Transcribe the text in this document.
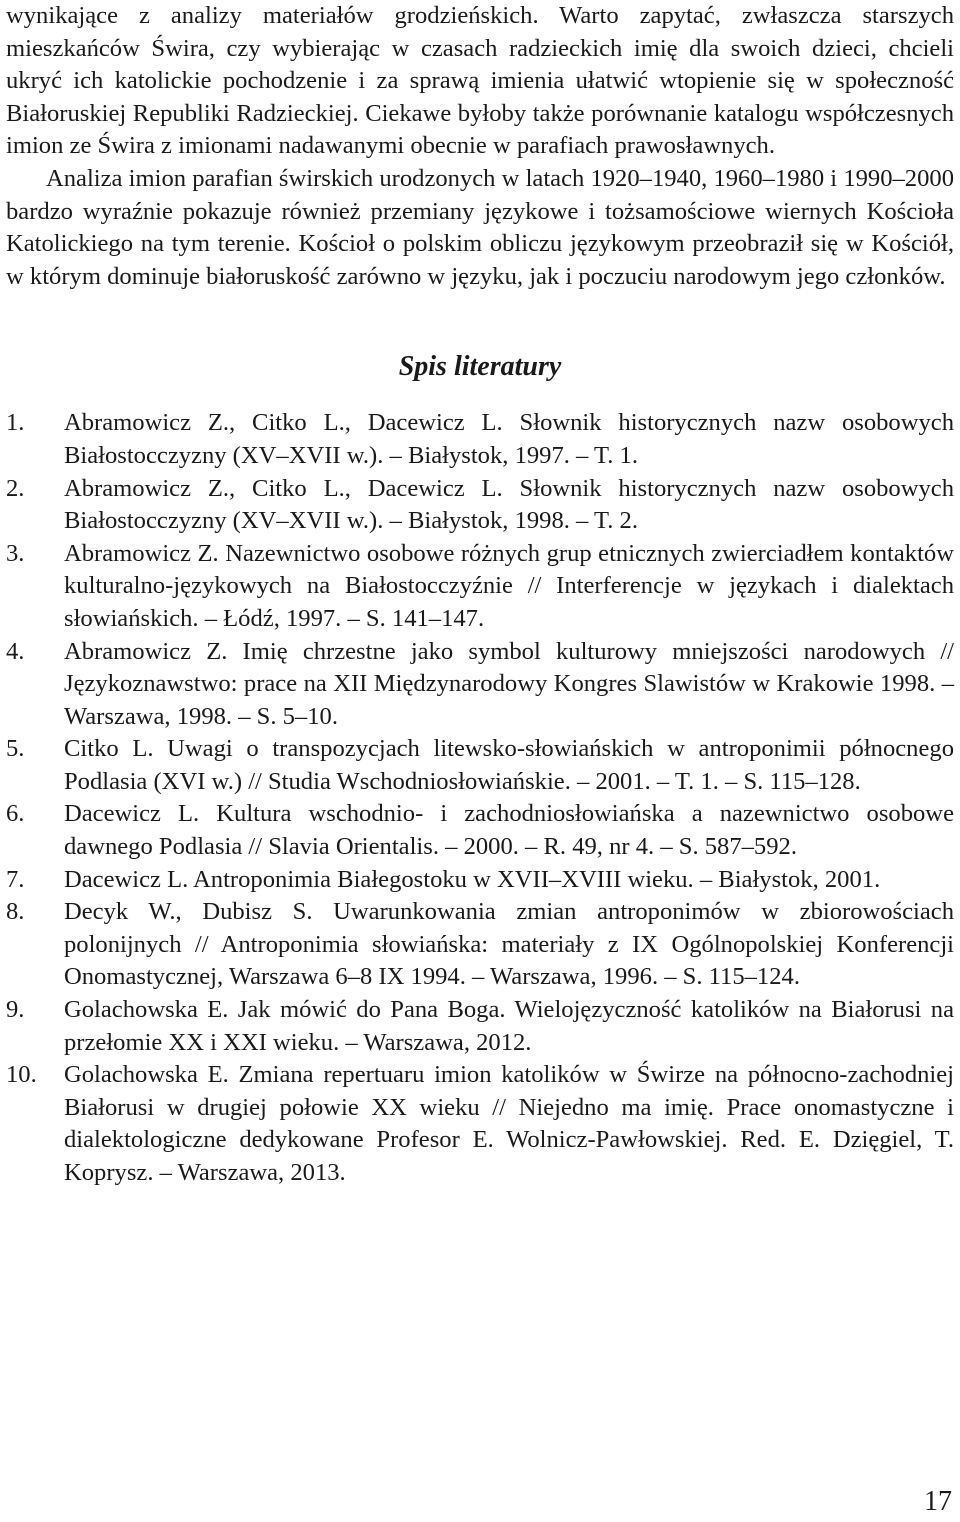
wynikające z analizy materiałów grodzieńskich. Warto zapytać, zwłaszcza starszych mieszkańców Świra, czy wybierając w czasach radzieckich imię dla swoich dzieci, chcieli ukryć ich katolickie pochodzenie i za sprawą imienia ułatwić wtopienie się w społeczność Białoruskiej Republiki Radzieckiej. Ciekawe byłoby także porównanie katalogu współczesnych imion ze Świra z imionami nadawanymi obecnie w parafiach prawosławnych.

Analiza imion parafian świrskich urodzonych w latach 1920–1940, 1960–1980 i 1990–2000 bardzo wyraźnie pokazuje również przemiany językowe i tożsamościowe wiernych Kościoła Katolickiego na tym terenie. Kościoł o polskim obliczu językowym przeobraził się w Kościół, w którym dominuje białoruskość zarówno w języku, jak i poczuciu narodowym jego członków.

Spis literatury
1.	Abramowicz Z., Citko L., Dacewicz L. Słownik historycznych nazw osobowych Białostocczyzny (XV–XVII w.). – Białystok, 1997. – T. 1.
2.	Abramowicz Z., Citko L., Dacewicz L. Słownik historycznych nazw osobowych Białostocczyzny (XV–XVII w.). – Białystok, 1998. – T. 2.
3.	Abramowicz Z. Nazewnictwo osobowe różnych grup etnicznych zwierciadłem kontaktów kulturalno-językowych na Białostocczyźnie // Interferencje w językach i dialektach słowiańskich. – Łódź, 1997. – S. 141–147.
4.	Abramowicz Z. Imię chrzestne jako symbol kulturowy mniejszości narodowych // Językoznawstwo: prace na XII Międzynarodowy Kongres Slawistów w Krakowie 1998. – Warszawa, 1998. – S. 5–10.
5.	Citko L. Uwagi o transpozycjach litewsko-słowiańskich w antroponimii północnego Podlasia (XVI w.) // Studia Wschodniosłowiańskie. – 2001. – T. 1. – S. 115–128.
6.	Dacewicz L. Kultura wschodnio- i zachodniosłowiańska a nazewnictwo osobowe dawnego Podlasia // Slavia Orientalis. – 2000. – R. 49, nr 4. – S. 587–592.
7.	Dacewicz L. Antroponimia Białegostoku w XVII–XVIII wieku. – Białystok, 2001.
8.	Decyk W., Dubisz S. Uwarunkowania zmian antroponimów w zbiorowościach polonijnych // Antroponimia słowiańska: materiały z IX Ogólnopolskiej Konferencji Onomastycznej, Warszawa 6–8 IX 1994. – Warszawa, 1996. – S. 115–124.
9.	Golachowska E. Jak mówić do Pana Boga. Wielojęzyczność katolików na Białorusi na przełomie XX i XXI wieku. – Warszawa, 2012.
10.	Golachowska E. Zmiana repertuaru imion katolików w Świrze na północno-zachodniej Białorusi w drugiej połowie XX wieku // Niejedno ma imię. Prace onomastyczne i dialektologiczne dedykowane Profesor E. Wolnicz-Pawłowskiej. Red. E. Dzięgiel, T. Koprysz. – Warszawa, 2013.
17
